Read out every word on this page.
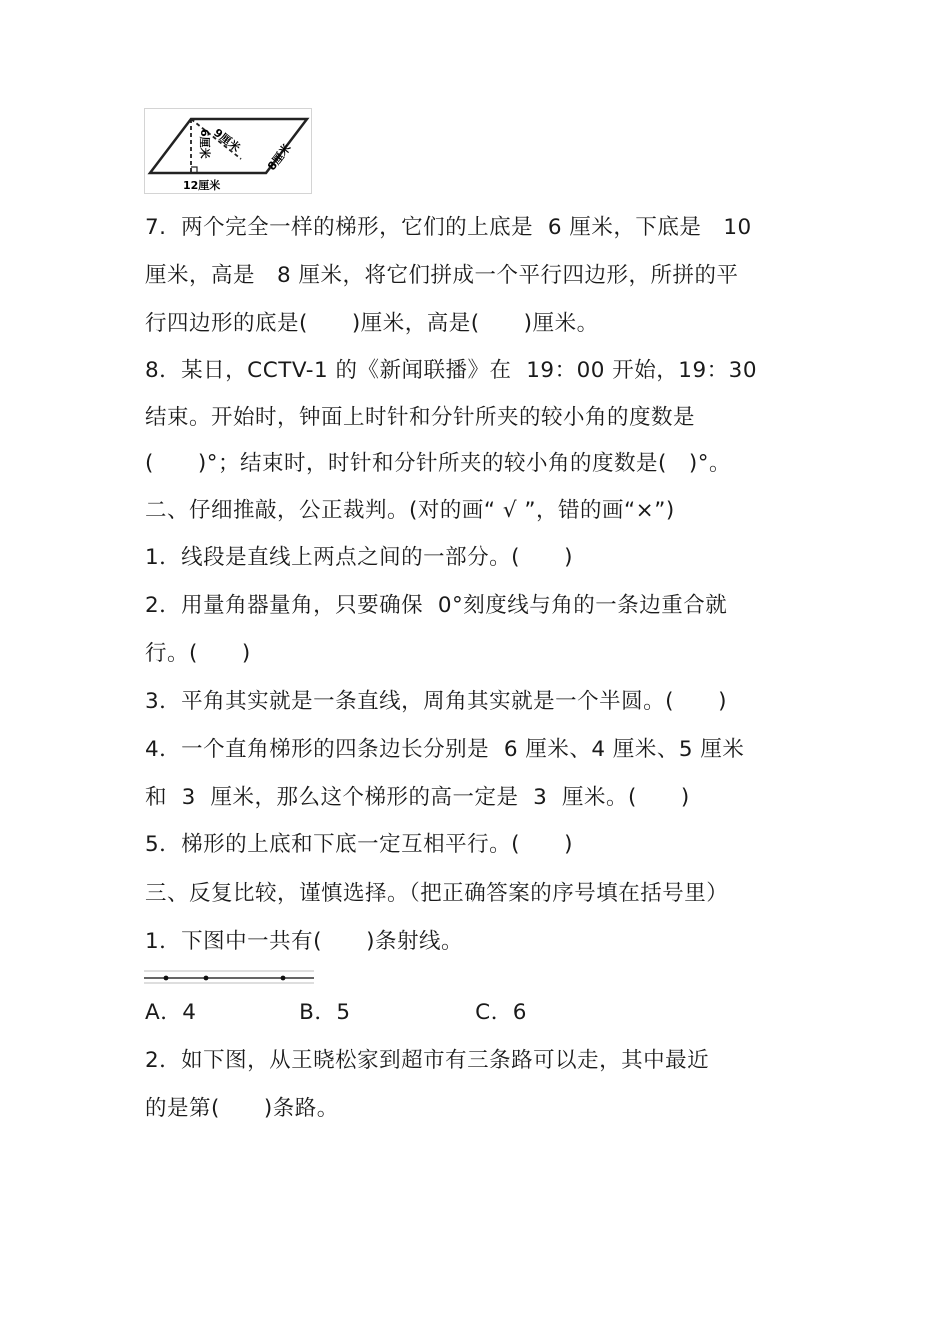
9厘米
6厘米	8厘米
12厘米
7.  两个完全一样的梯形，它们的上底是  6 厘米，下底是   10
厘米，高是   8 厘米，将它们拼成一个平行四边形，所拼的平
行四边形的底是(      )厘米，高是(      )厘米。
8．某日，CCTV-1 的《新闻联播》在  19：00 开始，19：30
结束。开始时，钟面上时针和分针所夹的较小角的度数是
(      )°；结束时，时针和分针所夹的较小角的度数是(   )°。
二、仔细推敲，公正裁判。(对的画“ √ ”，错的画“×”)
1．线段是直线上两点之间的一部分。(      )
2．用量角器量角，只要确保  0°刻度线与角的一条边重合就
行。(      )
3．平角其实就是一条直线，周角其实就是一个半圆。(      )
4．一个直角梯形的四条边长分别是  6 厘米、4 厘米、5 厘米
和  3  厘米，那么这个梯形的高一定是  3  厘米。(      )
5．梯形的上底和下底一定互相平行。(      )
三、反复比较，谨慎选择。（把正确答案的序号填在括号里）
1．下图中一共有(      )条射线。
A．4              B．5                 C．6
2．如下图，从王晓松家到超市有三条路可以走，其中最近
的是第(      )条路。
